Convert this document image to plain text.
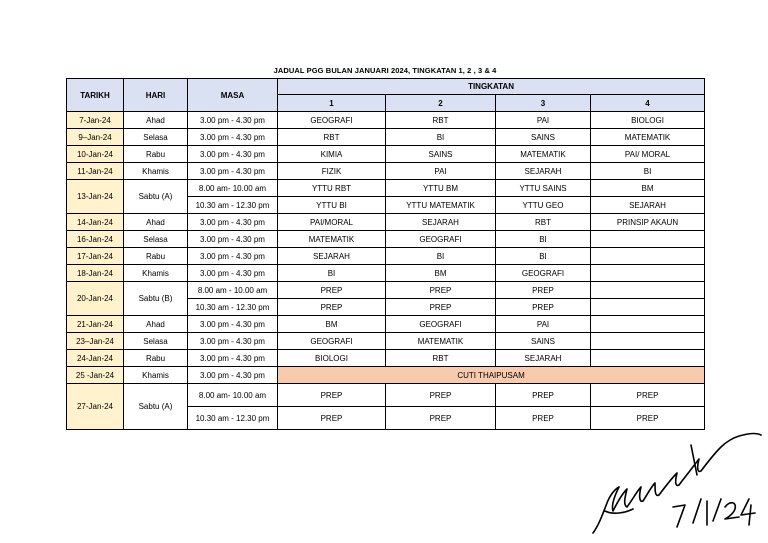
JADUAL PGG BULAN JANUARI 2024, TINGKATAN 1, 2 , 3 & 4
TARIKH	HARI	MASA	TINGKATAN			
			1	2	3	4
7-Jan-24	Ahad	3.00 pm - 4.30 pm	GEOGRAFI	RBT	PAI	BIOLOGI
9–Jan-24	Selasa	3.00 pm - 4.30 pm	RBT	BI	SAINS	MATEMATIK
10-Jan-24	Rabu	3.00 pm - 4.30 pm	KIMIA	SAINS	MATEMATIK	PAI/ MORAL
11-Jan-24	Khamis	3.00 pm - 4.30 pm	FIZIK	PAI	SEJARAH	BI
13-Jan-24	Sabtu (A)	8.00 am- 10.00 am	YTTU RBT	YTTU BM	YTTU SAINS	BM
		10.30 am - 12.30 pm	YTTU BI	YTTU MATEMATIK	YTTU GEO	SEJARAH
14-Jan-24	Ahad	3.00 pm - 4.30 pm	PAI/MORAL	SEJARAH	RBT	PRINSIP AKAUN
16-Jan-24	Selasa	3.00 pm - 4.30 pm	MATEMATIK	GEOGRAFI	BI	
17-Jan-24	Rabu	3.00 pm - 4.30 pm	SEJARAH	BI	BI	
18-Jan-24	Khamis	3.00 pm - 4.30 pm	BI	BM	GEOGRAFI	
20-Jan-24	Sabtu (B)	8.00 am - 10.00 am	PREP	PREP	PREP	
		10.30 am - 12.30 pm	PREP	PREP	PREP	
21-Jan-24	Ahad	3.00 pm - 4.30 pm	BM	GEOGRAFI	PAI	
23–Jan-24	Selasa	3.00 pm - 4.30 pm	GEOGRAFI	MATEMATIK	SAINS	
24-Jan-24	Rabu	3.00 pm - 4.30 pm	BIOLOGI	RBT	SEJARAH	
25 -Jan-24	Khamis	3.00 pm - 4.30 pm	CUTI THAIPUSAM			
27-Jan-24	Sabtu (A)	8.00 am- 10.00 am	PREP	PREP	PREP	PREP
		10.30 am - 12.30 pm	PREP	PREP	PREP	PREP
